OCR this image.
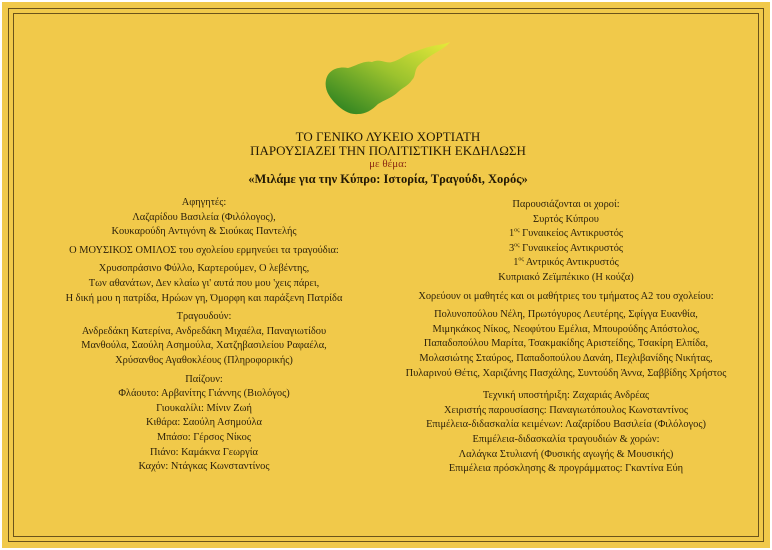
ΤΟ ΓΕΝΙΚΟ ΛΥΚΕΙΟ ΧΟΡΤΙΑΤΗ
ΠΑΡΟΥΣΙΑΖΕΙ ΤΗΝ ΠΟΛΙΤΙΣΤΙΚΗ ΕΚΔΗΛΩΣΗ
με θέμα:
«Μιλάμε για την Κύπρο: Ιστορία, Τραγούδι, Χορός»
Αφηγητές:
Λαζαρίδου Βασιλεία (Φιλόλογος),
Κουκαρούδη Αντιγόνη & Σιούκας Παντελής
Ο ΜΟΥΣΙΚΟΣ ΟΜΙΛΟΣ του σχολείου ερμηνεύει τα τραγούδια:
Χρυσοπράσινο Φύλλο, Καρτερούμεν, Ο λεβέντης,
Των αθανάτων, Δεν κλαίω γι' αυτά που μου 'χεις πάρει,
Η δική μου η πατρίδα, Ηρώων γη, Όμορφη και παράξενη Πατρίδα
Τραγουδούν:
Ανδρεδάκη Κατερίνα, Ανδρεδάκη Μιχαέλα, Παναγιωτίδου
Μανθούλα, Σαούλη Ασημούλα, Χατζηβασιλείου Ραφαέλα,
Χρύσανθος Αγαθοκλέους (Πληροφορικής)
Παίζουν:
Φλάουτο: Αρβανίτης Γιάννης (Βιολόγος)
Γιουκαλίλι: Μίνιν Ζωή
Κιθάρα: Σαούλη Ασημούλα
Μπάσο: Γέρσος Νίκος
Πιάνο: Καμάκνα Γεωργία
Καχόν: Ντάγκας Κωνσταντίνος
Παρουσιάζονται οι χοροί:
Συρτός Κύπρου
$1^{o\varsigma}$ Γυναικείος Αντικρυστός
$3^{o\varsigma}$ Γυναικείος Αντικρυστός
$1^{o\varsigma}$ Αντρικός Αντικρυστός
Κυπριακό Ζεϊμπέκικο (Η κούζα)
Χορεύουν οι μαθητές και οι μαθήτριες του τμήματος Α2 του σχολείου:
Πολυνοπούλου Νέλη, Πρωτόγυρος Λευτέρης, Σφίγγα Ευανθία,
Μιμηκάκος Νίκος, Νεοφύτου Εμέλια, Μπουρούδης Απόστολος,
Παπαδοπούλου Μαρίτα, Τσακμακίδης Αριστείδης, Τσακίρη Ελπίδα,
Μολασιώτης Σταύρος, Παπαδοπούλου Δανάη, Πεχλιβανίδης Νικήτας,
Πυλαρινού Θέτις, Χαριζάνης Πασχάλης, Συντούδη Άννα, Σαββίδης Χρήστος
Τεχνική υποστήριξη: Ζαχαριάς Ανδρέας
Χειριστής παρουσίασης: Παναγιωτόπουλος Κωνσταντίνος
Επιμέλεια-διδασκαλία κειμένων: Λαζαρίδου Βασιλεία (Φιλόλογος)
Επιμέλεια-διδασκαλία τραγουδιών & χορών:
Λαλάγκα Στυλιανή (Φυσικής αγωγής & Μουσικής)
Επιμέλεια πρόσκλησης & προγράμματος: Γκαντίνα Εύη
